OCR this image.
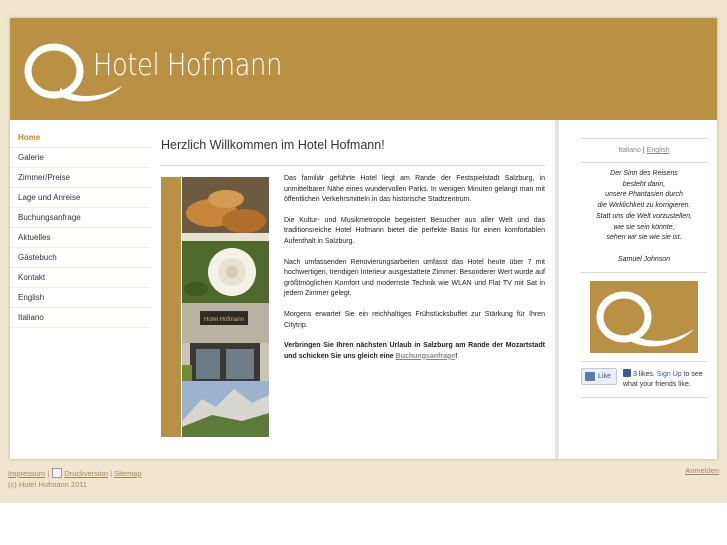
Hotel Hofmann
Home
Galerie
Zimmer/Preise
Lage und Anreise
Buchungsanfrage
Aktuelles
Gästebuch
Kontakt
English
Italiano
Herzlich Willkommen im Hotel Hofmann!
Hotel Hofmann

Das familiär geführte Hotel liegt am Rande der Festspielstadt Salzburg, in unmittelbarer Nähe eines wundervollen Parks. In wenigen Minuten gelangt man mit öffentlichen Verkehrsmitteln in das historische Stadtzentrum.

Die Kultur- und Musikmetropole begeistert Besucher aus aller Welt und das traditionsreiche Hotel Hofmann bietet die perfekte Basis für einen komfortablen Aufenthalt in Salzburg.

Nach umfassenden Renovierungsarbeiten umfasst das Hotel heute über 7 mit hochwertigen, trendigen Interieur ausgestattete Zimmer. Besonderer Wert wurde auf größtmöglichen Komfort und modernste Technik wie WLAN und Flat TV mit Sat in jedem Zimmer gelegt.

Morgens erwartet Sie ein reichhaltiges Frühstücksbuffet zur Stärkung für Ihren Citytrip.

Verbringen Sie Ihren nächsten Urlaub in Salzburg am Rande der Mozartstadt und schicken Sie uns gleich eine Buchungsanfrage!

Italiano | English
Der Sinn des Reisens
besteht darin,
unsere Phantasien durch
die Wirklichkeit zu korrigieren.
Statt uns die Welt vorzustellen,
wie sie sein könnte,
sehen wir sie wie sie ist.
Samuel Johnson
Like	3 likes. Sign Up to see what your friends like.
Impressum | Druckversion | Sitemap
(c) Hotel Hofmann 2011
Anmelden
